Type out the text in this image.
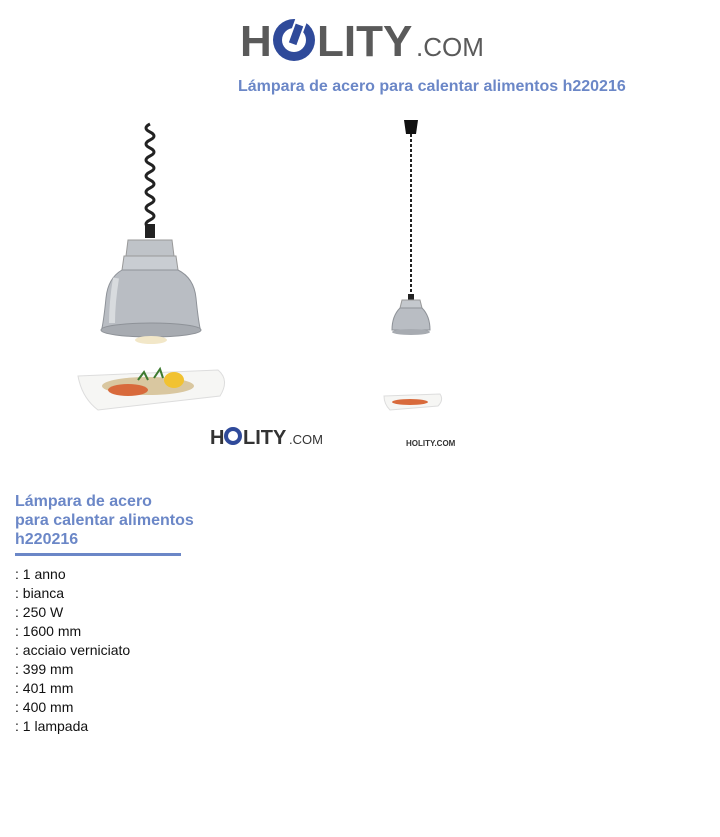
H LITY .COM
Lámpara de acero para calentar alimentos h220216
H LITY .COM	HOLITY.COM
Lámpara de acero
para calentar alimentos
h220216
: 1 anno
: bianca
: 250 W
: 1600 mm
: acciaio verniciato
: 399 mm
: 401 mm
: 400 mm
: 1 lampada
